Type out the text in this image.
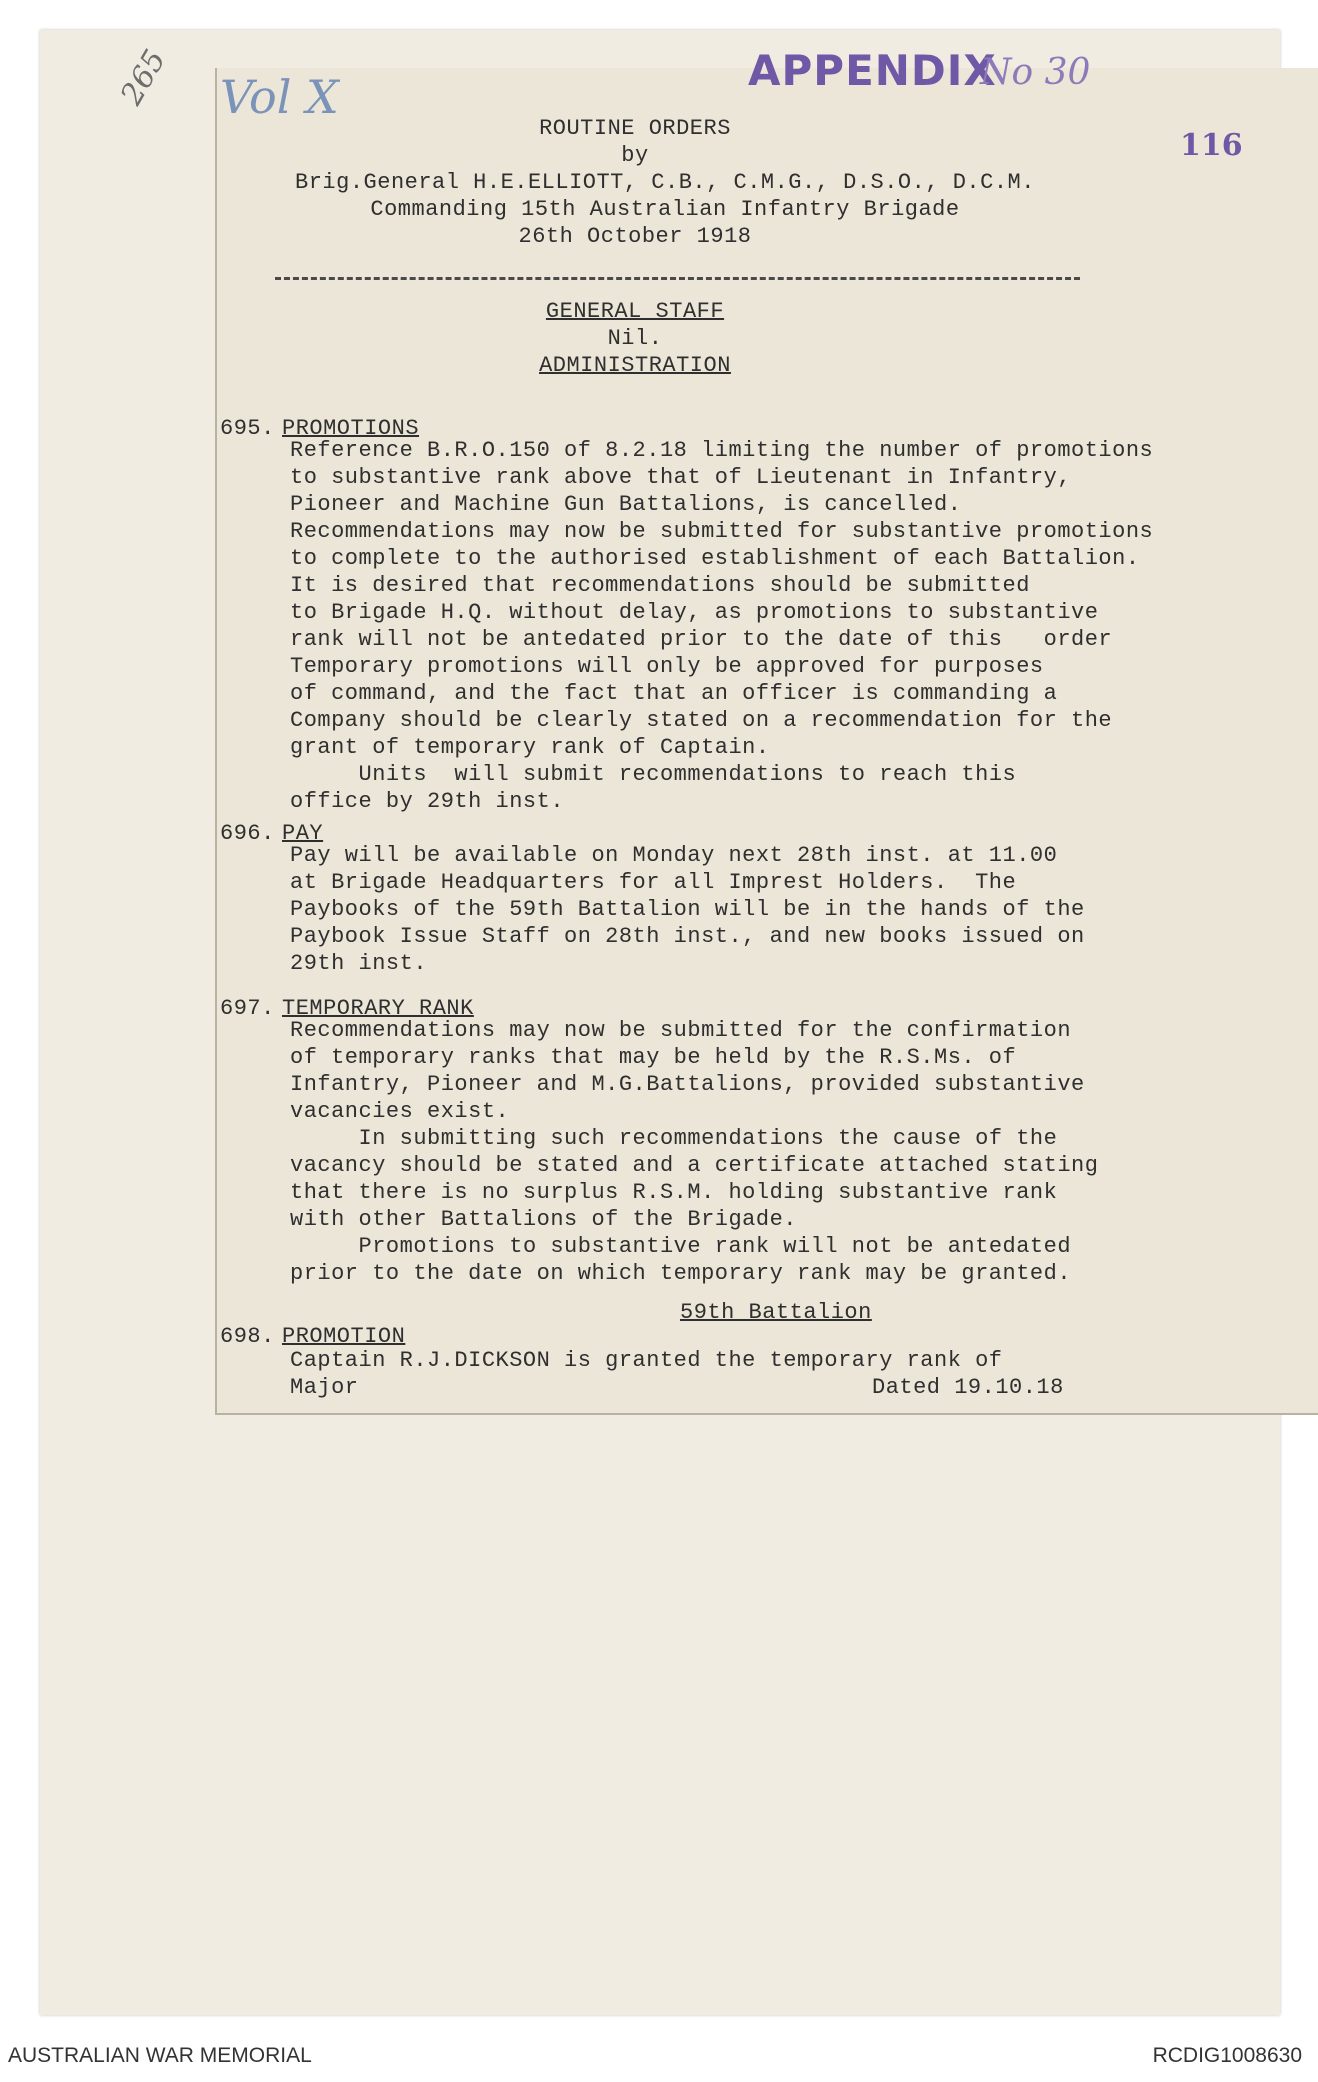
265 Vol X	APPENDIX
No 30
116
ROUTINE ORDERS
by
Brig.General H.E.ELLIOTT, C.B., C.M.G., D.S.O., D.C.M.
Commanding 15th Australian Infantry Brigade
26th October 1918
GENERAL STAFF
Nil.
ADMINISTRATION
695. PROMOTIONS
Reference B.R.O.150 of 8.2.18 limiting the number of promotions
to substantive rank above that of Lieutenant in Infantry,
Pioneer and Machine Gun Battalions, is cancelled.
Recommendations may now be submitted for substantive promotions
to complete to the authorised establishment of each Battalion.
It is desired that recommendations should be submitted
to Brigade H.Q. without delay, as promotions to substantive
rank will not be antedated prior to the date of this   order
Temporary promotions will only be approved for purposes
of command, and the fact that an officer is commanding a
Company should be clearly stated on a recommendation for the
grant of temporary rank of Captain.
Units  will submit recommendations to reach this
office by 29th inst.
696. PAY
Pay will be available on Monday next 28th inst. at 11.00
at Brigade Headquarters for all Imprest Holders.  The
Paybooks of the 59th Battalion will be in the hands of the
Paybook Issue Staff on 28th inst., and new books issued on
29th inst.
697. TEMPORARY RANK
Recommendations may now be submitted for the confirmation
of temporary ranks that may be held by the R.S.Ms. of
Infantry, Pioneer and M.G.Battalions, provided substantive
vacancies exist.
In submitting such recommendations the cause of the
vacancy should be stated and a certificate attached stating
that there is no surplus R.S.M. holding substantive rank
with other Battalions of the Brigade.
Promotions to substantive rank will not be antedated
prior to the date on which temporary rank may be granted.
698. PROMOTION
59th Battalion
Captain R.J.DICKSON is granted the temporary rank of
Major	Dated 19.10.18
AUSTRALIAN WAR MEMORIAL	RCDIG1008630
